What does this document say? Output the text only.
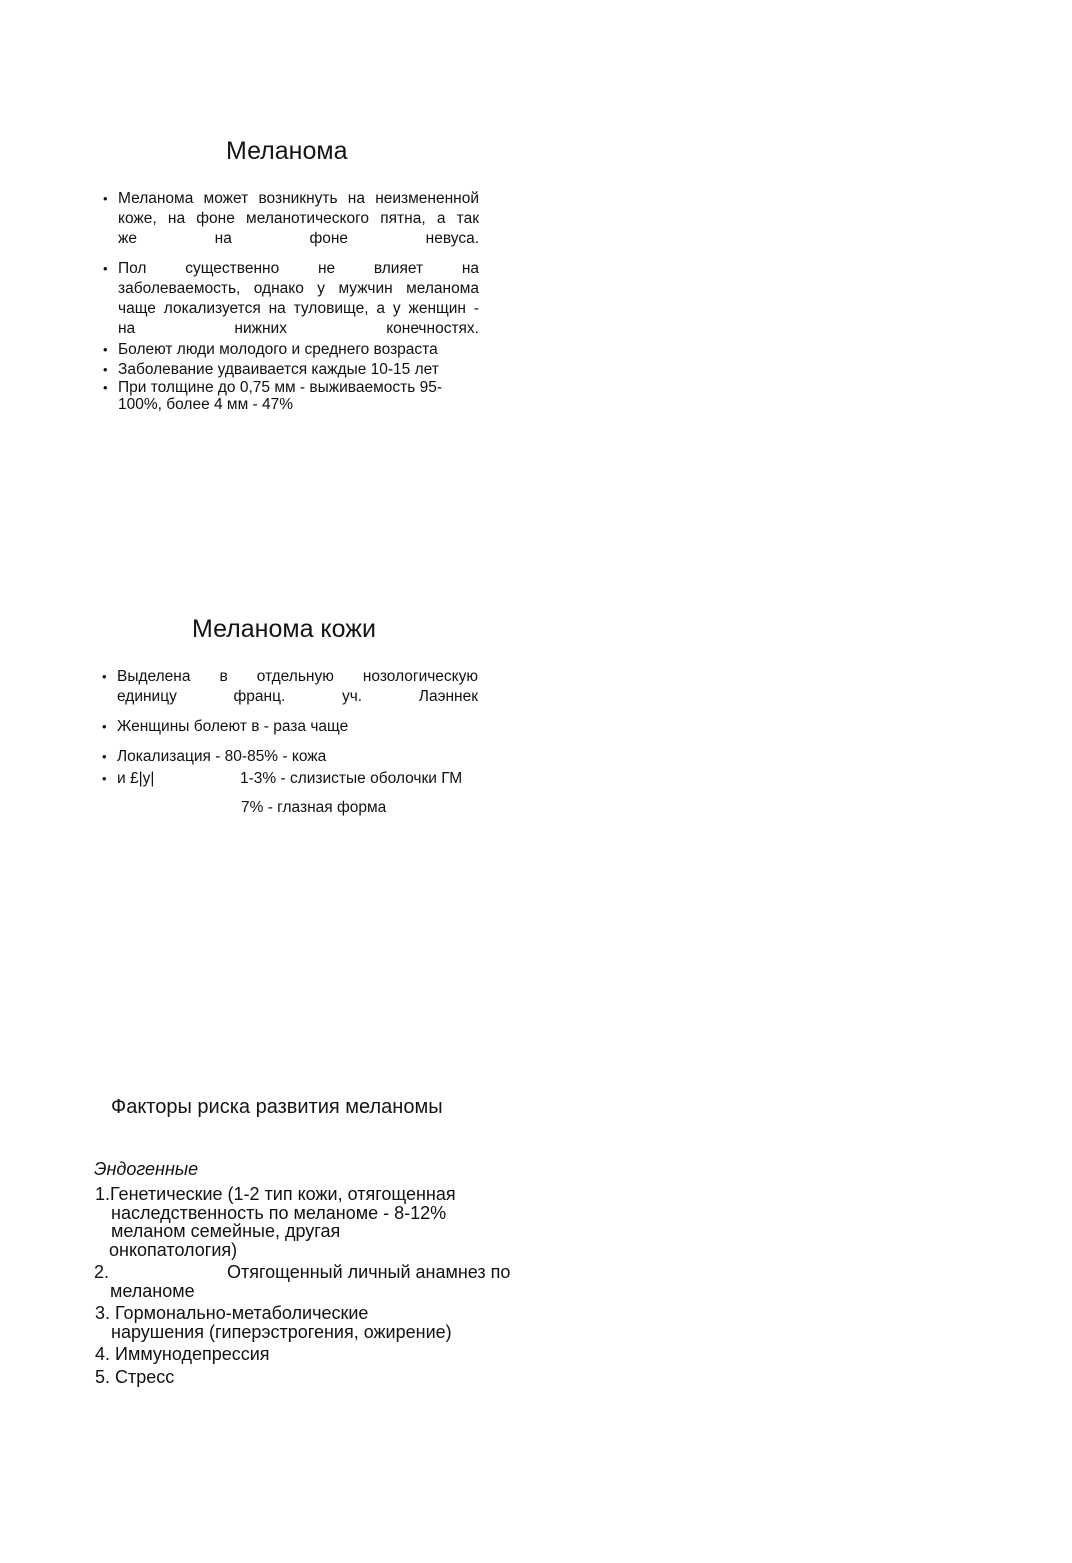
Меланома
• Меланома может возникнуть на неизмененной
коже, на фоне меланотического пятна, а так
же на фоне невуса.
• Пол существенно не влияет на
заболеваемость, однако у мужчин меланома
чаще локализуется на туловище, а у женщин -
на нижних конечностях.
• Болеют люди молодого и среднего возраста
• Заболевание удваивается каждые 10-15 лет
• При толщине до 0,75 мм - выживаемость 95-
100%, более 4 мм - 47%
Меланома кожи
• Выделена в отдельную нозологическую
единицу франц. уч. Лаэннек
• Женщины болеют в - раза чаще
• Локализация - 80-85% - кожа
• и £|у|	1-3% - слизистые оболочки ГМ
7% - глазная форма
Факторы риска развития меланомы
Эндогенные
1.Генетические (1-2 тип кожи, отягощенная
наследственность по меланоме - 8-12%
меланом семейные, другая
онкопатология)
2.	Отягощенный личный анамнез по
меланоме
3. Гормонально-метаболические
нарушения (гиперэстрогения, ожирение)
4. Иммунодепрессия
5. Стресс
